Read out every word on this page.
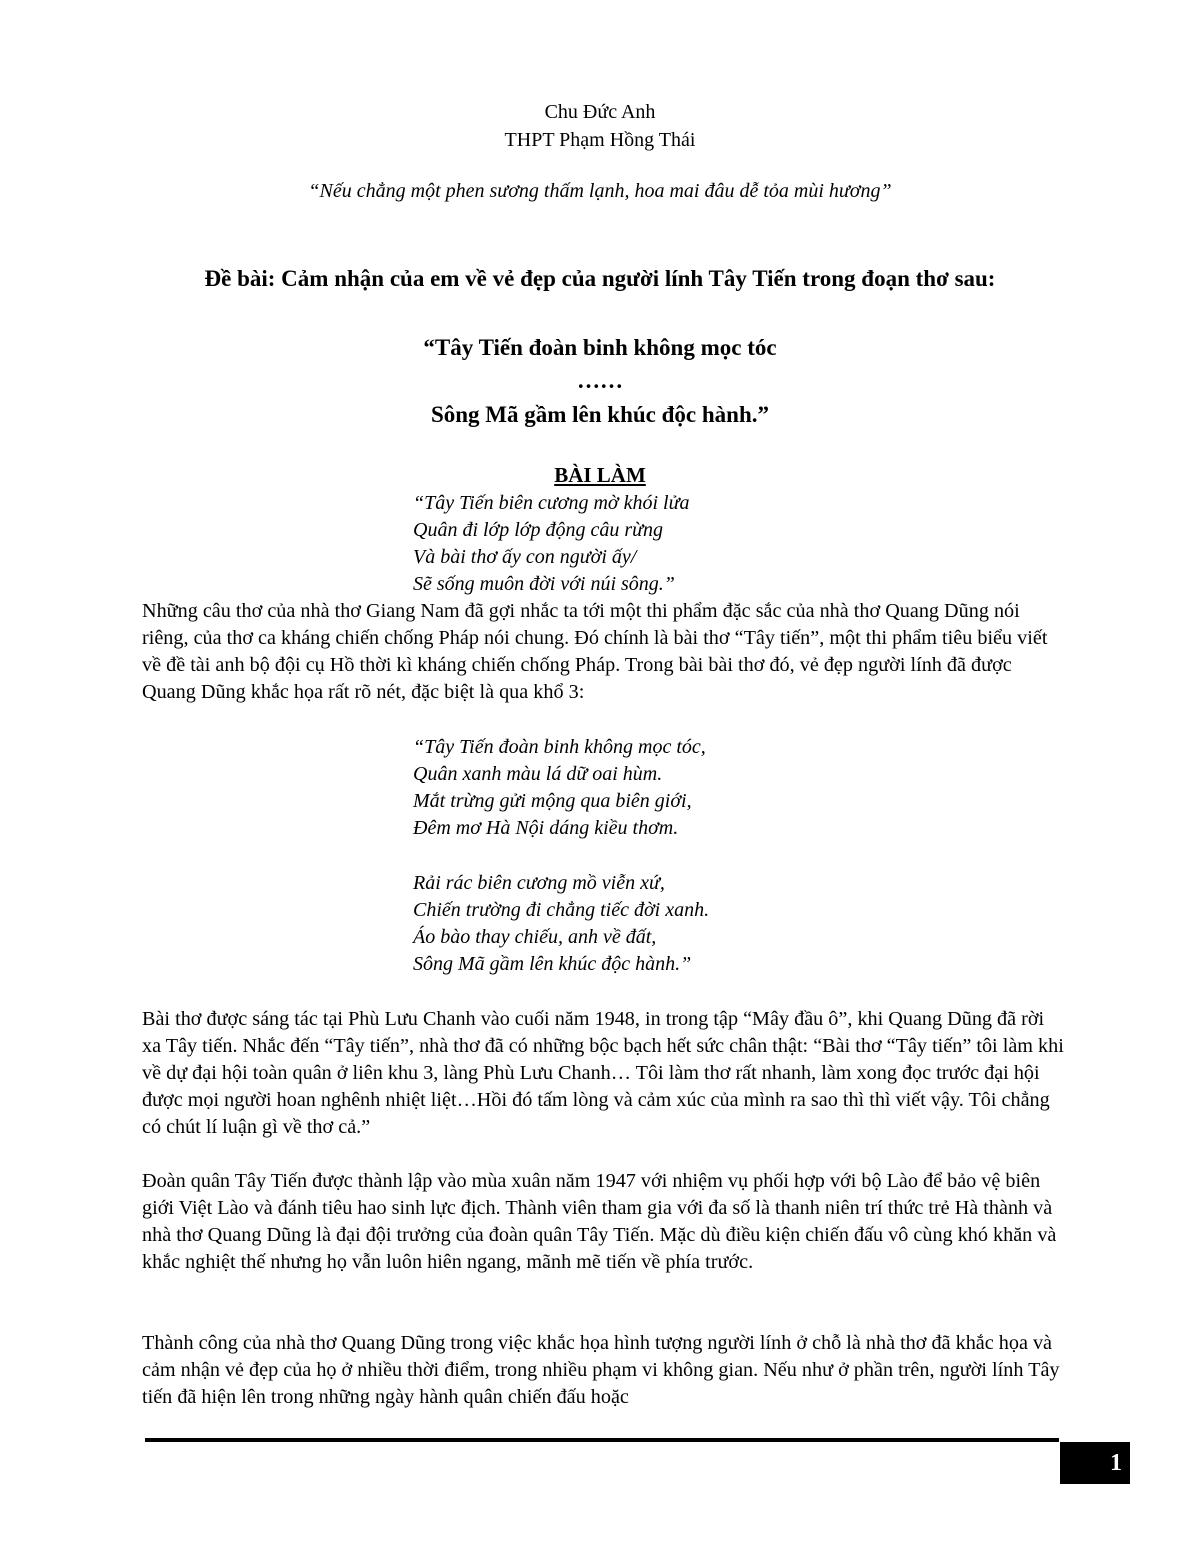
Chu Đức Anh
THPT Phạm Hồng Thái
“Nếu chẳng một phen sương thấm lạnh, hoa mai đâu dễ tỏa mùi hương”
Đề bài: Cảm nhận của em về vẻ đẹp của người lính Tây Tiến trong đoạn thơ sau:
“Tây Tiến đoàn binh không mọc tóc
……
Sông Mã gầm lên khúc độc hành.”
BÀI LÀM
“Tây Tiến biên cương mờ khói lửa
Quân đi lớp lớp động câu rừng
Và bài thơ ấy con người ấy/
Sẽ sống muôn đời với núi sông.”
Những câu thơ của nhà thơ Giang Nam đã gợi nhắc ta tới một thi phẩm đặc sắc của nhà thơ Quang Dũng nói riêng, của thơ ca kháng chiến chống Pháp nói chung. Đó chính là bài thơ “Tây tiến”, một thi phẩm tiêu biểu viết về đề tài anh bộ đội cụ Hồ thời kì kháng chiến chống Pháp. Trong bài bài thơ đó, vẻ đẹp người lính đã được Quang Dũng khắc họa rất rõ nét, đặc biệt là qua khổ 3:
“Tây Tiến đoàn binh không mọc tóc,
Quân xanh màu lá dữ oai hùm.
Mắt trừng gửi mộng qua biên giới,
Đêm mơ Hà Nội dáng kiều thơm.
Rải rác biên cương mồ viễn xứ,
Chiến trường đi chẳng tiếc đời xanh.
Áo bào thay chiếu, anh về đất,
Sông Mã gầm lên khúc độc hành.”
Bài thơ được sáng tác tại Phù Lưu Chanh vào cuối năm 1948, in trong tập “Mây đầu ô”, khi Quang Dũng đã rời xa Tây tiến. Nhắc đến “Tây tiến”, nhà thơ đã có những bộc bạch hết sức chân thật: “Bài thơ “Tây tiến” tôi làm khi về dự đại hội toàn quân ở liên khu 3, làng Phù Lưu Chanh… Tôi làm thơ rất nhanh, làm xong đọc trước đại hội được mọi người hoan nghênh nhiệt liệt…Hồi đó tấm lòng và cảm xúc của mình ra sao thì thì viết vậy. Tôi chẳng có chút lí luận gì về thơ cả.”
Đoàn quân Tây Tiến được thành lập vào mùa xuân năm 1947 với nhiệm vụ phối hợp với bộ Lào để bảo vệ biên giới Việt Lào và đánh tiêu hao sinh lực địch. Thành viên tham gia với đa số là thanh niên trí thức trẻ Hà thành và nhà thơ Quang Dũng là đại đội trưởng của đoàn quân Tây Tiến. Mặc dù điều kiện chiến đấu vô cùng khó khăn và khắc nghiệt thế nhưng họ vẫn luôn hiên ngang, mãnh mẽ tiến về phía trước.
Thành công của nhà thơ Quang Dũng trong việc khắc họa hình tượng người lính ở chỗ là nhà thơ đã khắc họa và cảm nhận vẻ đẹp của họ ở nhiều thời điểm, trong nhiều phạm vi không gian. Nếu như ở phần trên, người lính Tây tiến đã hiện lên trong những ngày hành quân chiến đấu hoặc
1
